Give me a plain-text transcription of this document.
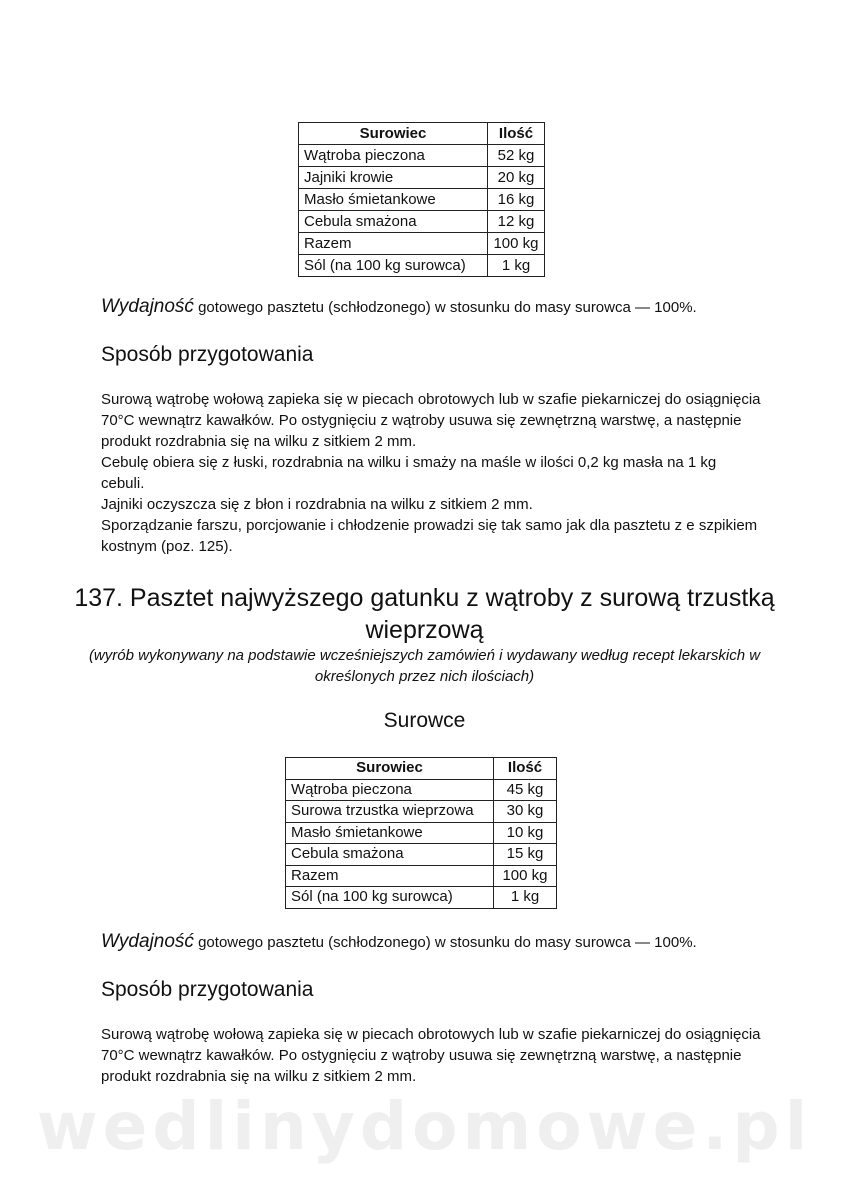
Surowiec	Ilość
Wątroba pieczona	52 kg
Jajniki krowie	20 kg
Masło śmietankowe	16 kg
Cebula smażona	12 kg
Razem	100 kg
Sól (na 100 kg surowca)	1 kg
Wydajność gotowego pasztetu (schłodzonego) w stosunku do masy surowca — 100%.
Sposób przygotowania

Surową wątrobę wołową zapieka się w piecach obrotowych lub w szafie piekarniczej do osiągnięcia 70°C wewnątrz kawałków. Po ostygnięciu z wątroby usuwa się zewnętrzną warstwę, a następnie produkt rozdrabnia się na wilku z sitkiem 2 mm.

Cebulę obiera się z łuski, rozdrabnia na wilku i smaży na maśle w ilości 0,2 kg masła na 1 kg cebuli.

Jajniki oczyszcza się z błon i rozdrabnia na wilku z sitkiem 2 mm.

Sporządzanie farszu, porcjowanie i chłodzenie prowadzi się tak samo jak dla pasztetu z e szpikiem kostnym (poz. 125).

137. Pasztet najwyższego gatunku z wątroby z surową trzustką wieprzową

(wyrób wykonywany na podstawie wcześniejszych zamówień i wydawany według recept lekarskich w określonych przez nich ilościach)

Surowce
Surowiec	Ilość
Wątroba pieczona	45 kg
Surowa trzustka wieprzowa	30 kg
Masło śmietankowe	10 kg
Cebula smażona	15 kg
Razem	100 kg
Sól (na 100 kg surowca)	1 kg
Wydajność gotowego pasztetu (schłodzonego) w stosunku do masy surowca — 100%.
Sposób przygotowania

Surową wątrobę wołową zapieka się w piecach obrotowych lub w szafie piekarniczej do osiągnięcia 70°C wewnątrz kawałków. Po ostygnięciu z wątroby usuwa się zewnętrzną warstwę, a następnie produkt rozdrabnia się na wilku z sitkiem 2 mm.

wedlinydomowe.pl
